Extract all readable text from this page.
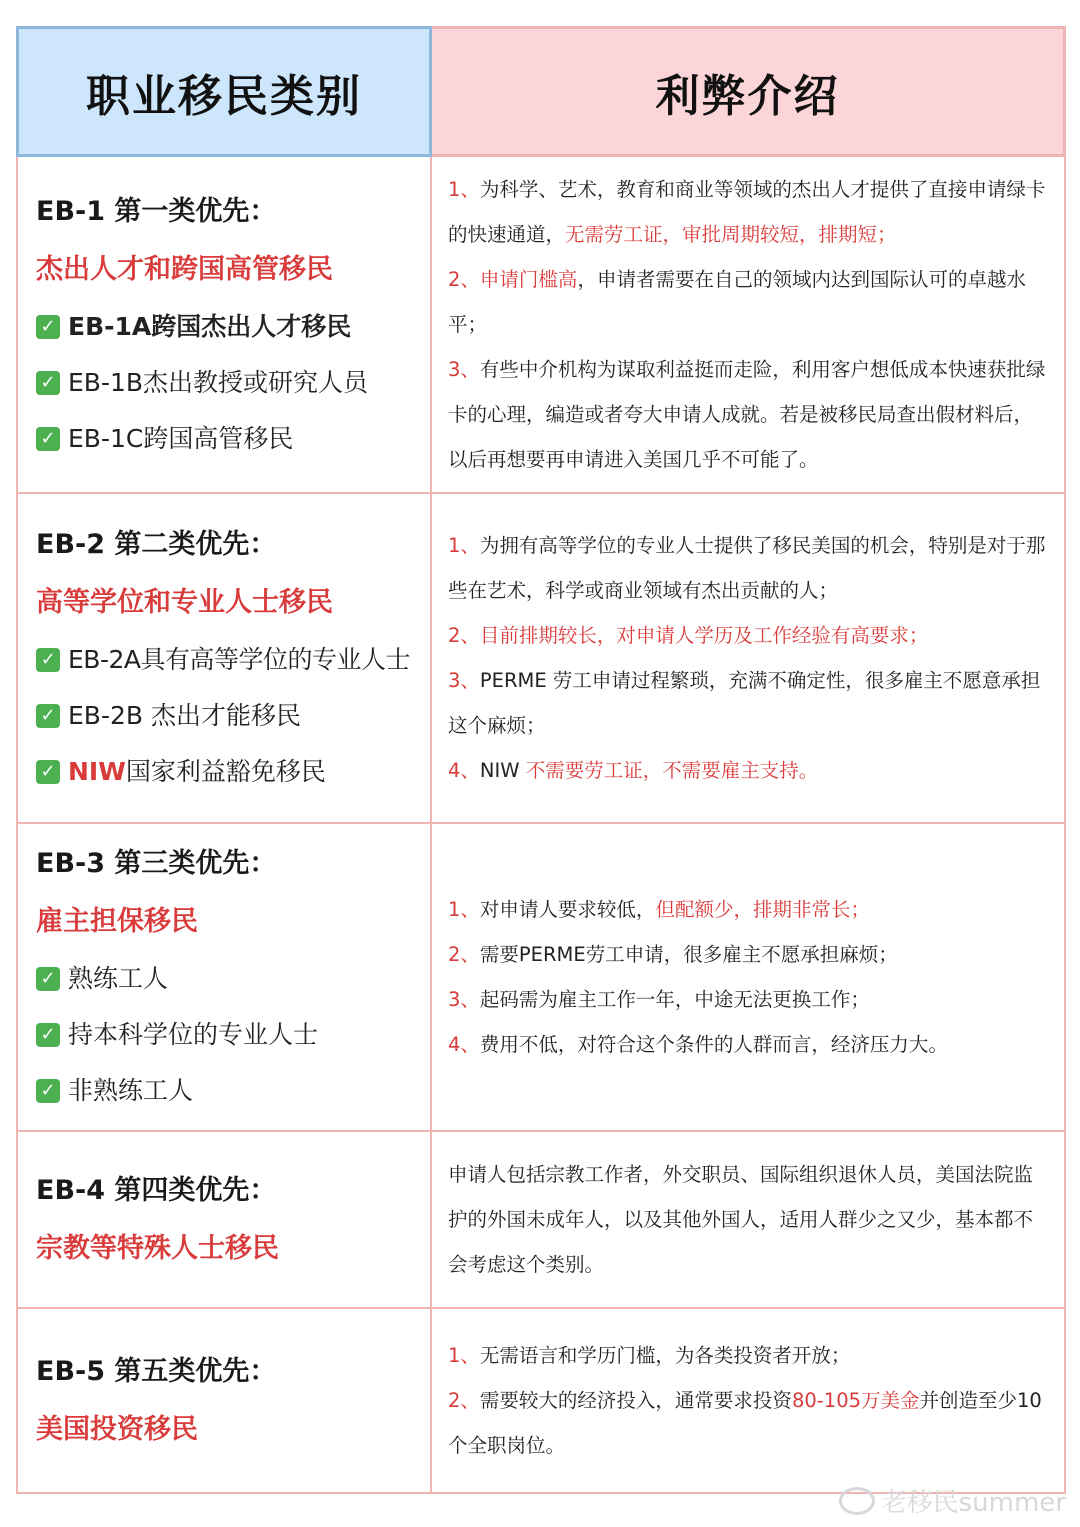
职业移民类别	利弊介绍
EB-1 第一类优先：
杰出人才和跨国高管移民
✓ EB-1A跨国杰出人才移民
✓ EB-1B杰出教授或研究人员
✓ EB-1C跨国高管移民

1、为科学、艺术，教育和商业等领域的杰出人才提供了直接申请绿卡的快速通道，无需劳工证，审批周期较短，排期短；

2、申请门槛高，申请者需要在自己的领域内达到国际认可的卓越水平；

3、有些中介机构为谋取利益挺而走险，利用客户想低成本快速获批绿卡的心理，编造或者夸大申请人成就。若是被移民局查出假材料后，以后再想要再申请进入美国几乎不可能了。

EB-2 第二类优先：
高等学位和专业人士移民
✓ EB-2A具有高等学位的专业人士
✓ EB-2B 杰出才能移民
✓ NIW 国家利益豁免移民

1、为拥有高等学位的专业人士提供了移民美国的机会，特别是对于那些在艺术，科学或商业领域有杰出贡献的人；

2、目前排期较长，对申请人学历及工作经验有高要求；

3、PERME 劳工申请过程繁琐，充满不确定性，很多雇主不愿意承担这个麻烦；

4、NIW 不需要劳工证，不需要雇主支持。

EB-3 第三类优先：
雇主担保移民
✓ 熟练工人
✓ 持本科学位的专业人士
✓ 非熟练工人

1、对申请人要求较低，但配额少，排期非常长；

2、需要PERME劳工申请，很多雇主不愿承担麻烦；

3、起码需为雇主工作一年，中途无法更换工作；

4、费用不低，对符合这个条件的人群而言，经济压力大。

EB-4 第四类优先：
宗教等特殊人士移民

申请人包括宗教工作者，外交职员、国际组织退休人员，美国法院监护的外国未成年人，以及其他外国人，适用人群少之又少，基本都不会考虑这个类别。

EB-5 第五类优先：
美国投资移民

1、无需语言和学历门槛，为各类投资者开放；

2、需要较大的经济投入，通常要求投资80-105万美金并创造至少10个全职岗位。

老移民summer
